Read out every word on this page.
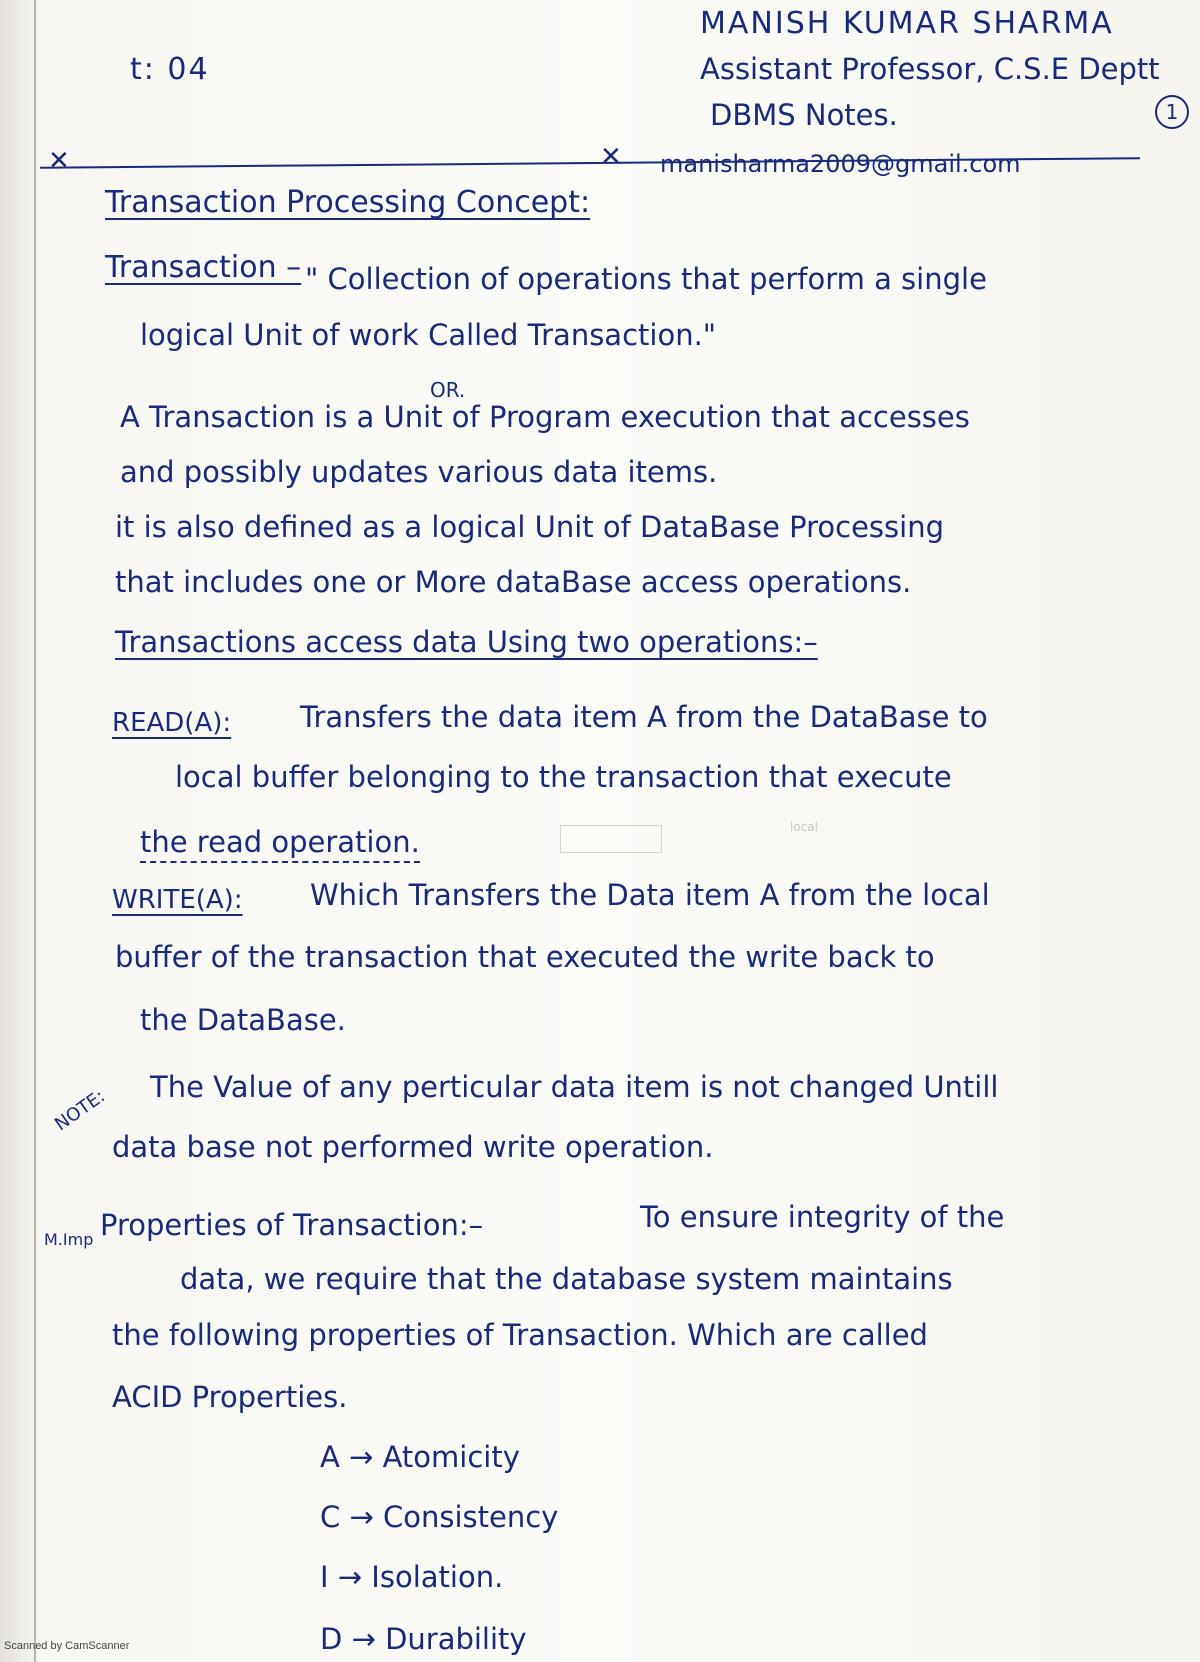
t: 04
MANISH KUMAR SHARMA
Assistant Professor, C.S.E Deptt
DBMS Notes.	1
✕	✕ manisharma2009@gmail.com
Transaction Processing Concept:
Transaction – " Collection of operations that perform a single
logical Unit of work Called Transaction."
OR.
A Transaction is a Unit of Program execution that accesses
and possibly updates various data items.
it is also defined as a logical Unit of DataBase Processing
that includes one or More dataBase access operations.
Transactions access data Using two operations:–
READ(A): Transfers the data item A from the DataBase to
local buffer belonging to the transaction that execute
the read operation.	local
WRITE(A): Which Transfers the Data item A from the local
buffer of the transaction that executed the write back to
the DataBase.
NOTE: The Value of any perticular data item is not changed Untill
data base not performed write operation.
M.Imp Properties of Transaction:–	To ensure integrity of the
data, we require that the database system maintains
the following properties of Transaction. Which are called
ACID Properties.
A → Atomicity
C → Consistency
I → Isolation.
D → Durability
Scanned by CamScanner
